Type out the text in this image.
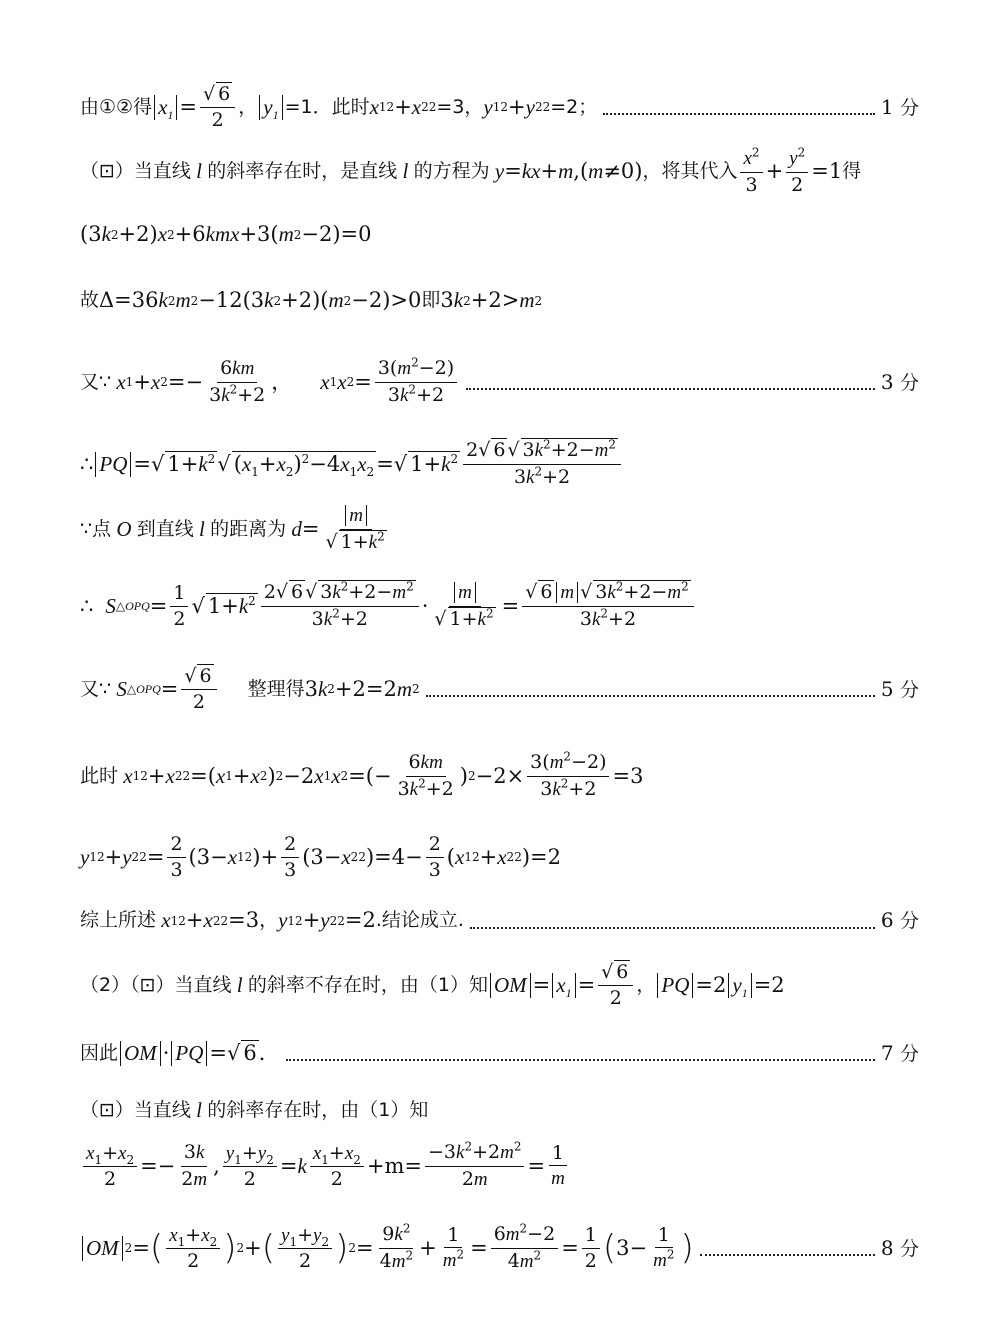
由①②得 $x_1 = \frac{√ 6}{2}$ ， $y_1 =1$．此时 x 1 2 + x 2 2 =3， y 1 2 + y 2 2 =2；	1 分
（⊡）当直线 l 的斜率存在时，是直线 l 的方程为 y = kx + m ,( m ≠0) ，将其代入 $\frac{x^2}{3} + \frac{y^2}{2} =1$ 得
(3 k 2 +2) x 2 +6 kmx +3( m 2 −2)=0
故 Δ=36 k 2 m 2 −12(3 k 2 +2)( m 2 −2)>0 即 3 k 2 +2> m 2
又∵ x 1 + x $2 =- \frac{6km}{3k^2+2}$ ， x 1 x $2 = \frac{3(m^2-2)}{3k^2+2}$	3 分
∴ PQ =√ $1+k^2$ √ $(x_1+x_2)^2-4x_1x_2$ =√ $1+k^2 \frac{2√ 6 √ 3k^2+2-m^2}{3k^2+2}$
∵点 O 到直线 l 的距离为 $d = \frac{m}{√ 1+k^2}$
∴ S △OPQ = $\frac{1}{2}$ √ $1+k^2 \frac{2√ 6 √ 3k^2+2-m^2}{3k^2+2} \cdot \frac{m}{√ 1+k^2} = \frac{√ 6 m √ 3k^2+2-m^2}{3k^2+2}$
又∵ S △OPQ = $\frac{√ 6}{2}$ 整理得 3 k 2 +2=2 m 2	5 分
此时 x 1 2 + x 2 2 =( x 1 + x 2 ) 2 −2 x 1 x 2 =(− $\frac{6km}{3k^2+2}$ ) $2 -2\times \frac{3(m^2-2)}{3k^2+2} =3$
y 1 2 + y 2 $2 = \frac{2}{3} (3- x$ 1 2 )+ $\frac{2}{3} (3- x$ 2 2 )$=4- \frac{2}{3}$ ( x 1 2 + x 2 2 )=2
综上所述 x 1 2 + x 2 2 =3 ， y 1 2 + y 2 2 =2 .结论成立.	6 分
（2）（⊡）当直线 l 的斜率不存在时，由（1）知 OM = $x_1 = \frac{√ 6}{2}$ ， PQ =2 $y_1 =2$
因此 OM · PQ =√ 6 ．	7 分
（⊡）当直线 l 的斜率存在时，由（1）知
$\frac{x_1+x_2}{2} =- \frac{3k}{2m}$ , $\frac{y_1+y_2}{2} = k \frac{x_1+x_2}{2} +m= \frac{-3k^2+2m^2}{2m} = \frac{1}{m}$
OM 2 = ( $\frac{x_1+x_2}{2}$ ) 2 + ( $\frac{y_1+y_2}{2}$ ) $2 = \frac{9k^2}{4m^2} + \frac{1}{m^2} = \frac{6m^2-2}{4m^2} = \frac{1}{2}$ ( $3- \frac{1}{m^2}$ )	8 分
